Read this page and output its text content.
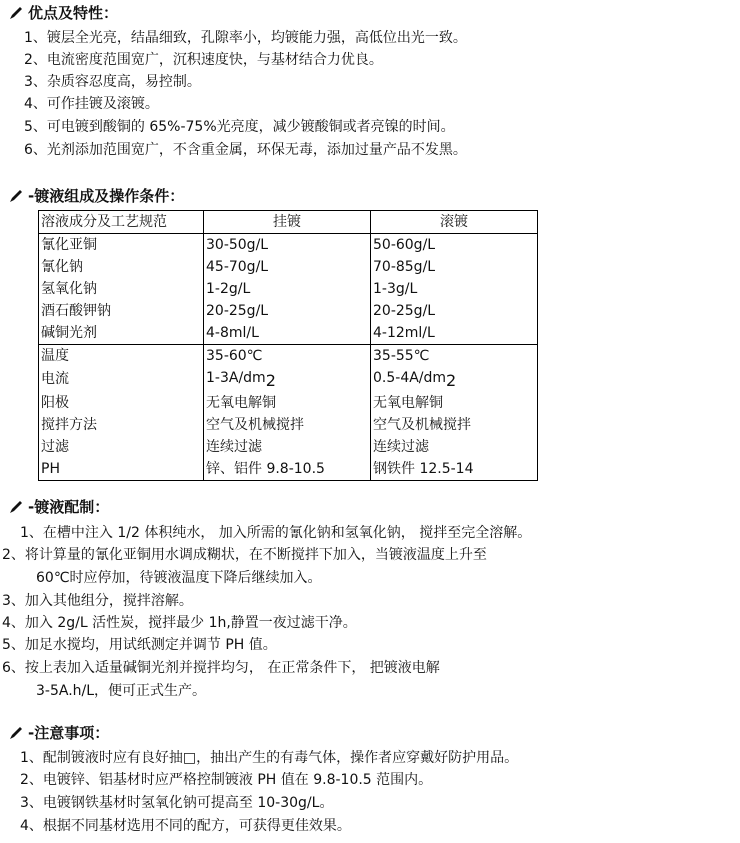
优点及特性：
1、镀层全光亮，结晶细致，孔隙率小，均镀能力强，高低位出光一致。
2、电流密度范围宽广，沉积速度快，与基材结合力优良。
3、杂质容忍度高，易控制。
4、可作挂镀及滚镀。
5、可电镀到酸铜的 65%-75%光亮度，减少镀酸铜或者亮镍的时间。
6、光剂添加范围宽广，不含重金属，环保无毒，添加过量产品不发黑。
-镀液组成及操作条件：
溶液成分及工艺规范	挂镀	滚镀
氰化亚铜	30-50g/L	50-60g/L
氰化钠	45-70g/L	70-85g/L
氢氧化钠	1-2g/L	1-3g/L
酒石酸钾钠	20-25g/L	20-25g/L
碱铜光剂	4-8ml/L	4-12ml/L
温度	35-60℃	35-55℃
电流	$1-3A/dm_2$	$0.5-4A/dm_2$
阳极	无氧电解铜	无氧电解铜
搅拌方法	空气及机械搅拌	空气及机械搅拌
过滤	连续过滤	连续过滤
PH	锌、铝件 9.8-10.5	钢铁件 12.5-14
-镀液配制：
1、在槽中注入 1/2 体积纯水， 加入所需的氰化钠和氢氧化钠， 搅拌至完全溶解。
2、将计算量的氰化亚铜用水调成糊状，在不断搅拌下加入，当镀液温度上升至
60℃时应停加，待镀液温度下降后继续加入。
3、加入其他组分，搅拌溶解。
4、加入 2g/L 活性炭，搅拌最少 1h,静置一夜过滤干净。
5、加足水搅均，用试纸测定并调节 PH 值。
6、按上表加入适量碱铜光剂并搅拌均匀， 在正常条件下， 把镀液电解
3-5A.h/L，便可正式生产。
-注意事项：
1、配制镀液时应有良好抽□，抽出产生的有毒气体，操作者应穿戴好防护用品。
2、电镀锌、铝基材时应严格控制镀液 PH 值在 9.8-10.5 范围内。
3、电镀钢铁基材时氢氧化钠可提高至 10-30g/L。
4、根据不同基材选用不同的配方，可获得更佳效果。
